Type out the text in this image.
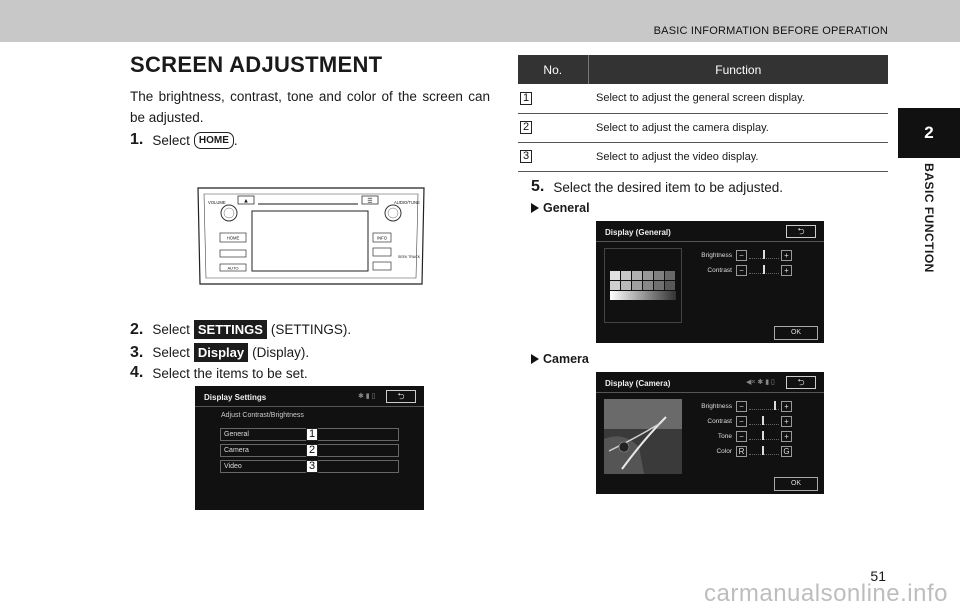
BASIC INFORMATION BEFORE OPERATION
2
BASIC FUNCTION
SCREEN ADJUSTMENT

The brightness, contrast, tone and color of the screen can be adjusted.

1. Select HOME .
▲	☰
VOLUME	AUDIO/TUNE
HOME
AUTO
INFO
SEEK TRACK
2. Select SETTINGS (SETTINGS).
3. Select Display (Display).
4. Select the items to be set.
Display Settings	✱ ▮ ▯	⮌
Adjust Contrast/Brightness
General
Camera
Video
1
2
3
No.	Function
1	Select to adjust the general screen display.
2	Select to adjust the camera display.
3	Select to adjust the video display.
5. Select the desired item to be adjusted.
General
Display (General)	⮌
Brightness −	+
Contrast −	+
OK
Camera
Display (Camera)	◀× ✱ ▮ ▯	⮌
Brightness −	+
Contrast −	+
Tone −	+
Color R	G
OK
51
carmanualsonline.info
